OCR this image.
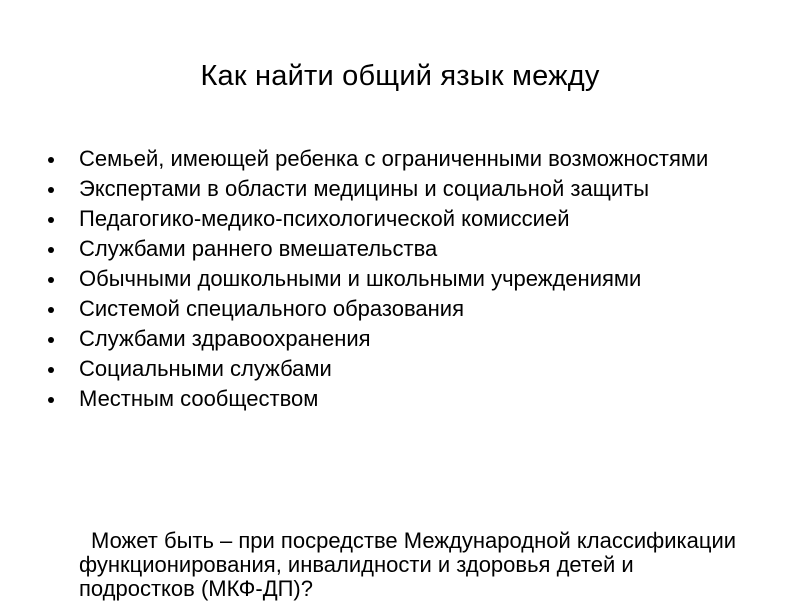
Как найти общий язык между
Семьей, имеющей ребенка с ограниченными возможностями
Экспертами в области медицины и социальной защиты
Педагогико-медико-психологической комиссией
Службами раннего вмешательства
Обычными дошкольными и школьными учреждениями
Системой специального образования
Службами здравоохранения
Социальными службами
Местным сообществом

Может быть – при посредстве Международной классификации функционирования, инвалидности и здоровья детей и подростков (МКФ-ДП)?
